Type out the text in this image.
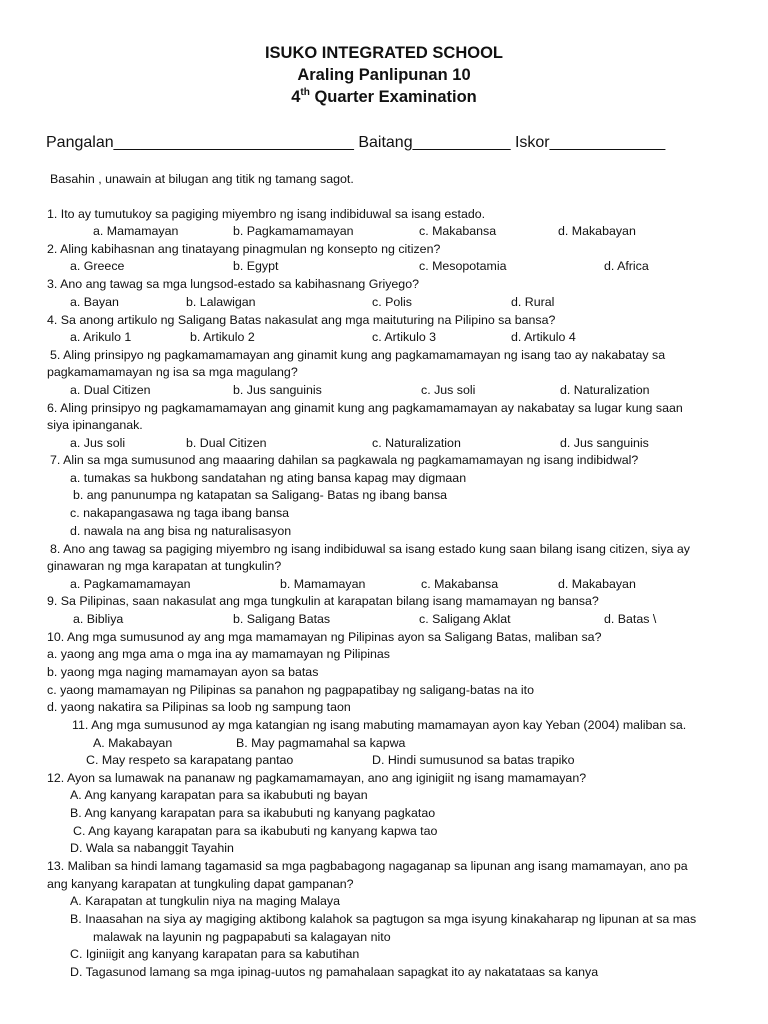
ISUKO INTEGRATED SCHOOL
Araling Panlipunan 10
4th Quarter Examination
Pangalan___________________________ Baitang___________ Iskor_____________
Basahin , unawain at bilugan ang titik ng tamang sagot.
1. Ito ay tumutukoy sa pagiging miyembro ng isang indibiduwal sa isang estado.
a. Mamamayan	b. Pagkamamamayan	c. Makabansa	d. Makabayan
2. Aling kabihasnan ang tinatayang pinagmulan ng konsepto ng citizen?
a. Greece	b. Egypt	c. Mesopotamia	d. Africa
3. Ano ang tawag sa mga lungsod-estado sa kabihasnang Griyego?
a. Bayan	b. Lalawigan	c. Polis	d. Rural
4. Sa anong artikulo ng Saligang Batas nakasulat ang mga maituturing na Pilipino sa bansa?
a. Arikulo 1	b. Artikulo 2	c. Artikulo 3	d. Artikulo 4
5. Aling prinsipyo ng pagkamamamayan ang ginamit kung ang pagkamamamayan ng isang tao ay nakabatay sa
pagkamamamayan ng isa sa mga magulang?
a. Dual Citizen	b. Jus sanguinis	c. Jus soli	d. Naturalization
6. Aling prinsipyo ng pagkamamamayan ang ginamit kung ang pagkamamamayan ay nakabatay sa lugar kung saan
siya ipinanganak.
a. Jus soli	b. Dual Citizen	c. Naturalization	d. Jus sanguinis
7. Alin sa mga sumusunod ang maaaring dahilan sa pagkawala ng pagkamamamayan ng isang indibidwal?
a. tumakas sa hukbong sandatahan ng ating bansa kapag may digmaan
b. ang panunumpa ng katapatan sa Saligang- Batas ng ibang bansa
c. nakapangasawa ng taga ibang bansa
d. nawala na ang bisa ng naturalisasyon
8. Ano ang tawag sa pagiging miyembro ng isang indibiduwal sa isang estado kung saan bilang isang citizen, siya ay
ginawaran ng mga karapatan at tungkulin?
a. Pagkamamamayan	b. Mamamayan	c. Makabansa	d. Makabayan
9. Sa Pilipinas, saan nakasulat ang mga tungkulin at karapatan bilang isang mamamayan ng bansa?
a. Bibliya	b. Saligang Batas	c. Saligang Aklat	d. Batas \
10. Ang mga sumusunod ay ang mga mamamayan ng Pilipinas ayon sa Saligang Batas, maliban sa?
a. yaong ang mga ama o mga ina ay mamamayan ng Pilipinas
b. yaong mga naging mamamayan ayon sa batas
c. yaong mamamayan ng Pilipinas sa panahon ng pagpapatibay ng saligang-batas na ito
d. yaong nakatira sa Pilipinas sa loob ng sampung taon
11. Ang mga sumusunod ay mga katangian ng isang mabuting mamamayan ayon kay Yeban (2004) maliban sa.
A. Makabayan	B. May pagmamahal sa kapwa
C. May respeto sa karapatang pantao	D. Hindi sumusunod sa batas trapiko
12. Ayon sa lumawak na pananaw ng pagkamamamayan, ano ang iginigiit ng isang mamamayan?
A. Ang kanyang karapatan para sa ikabubuti ng bayan
B. Ang kanyang karapatan para sa ikabubuti ng kanyang pagkatao
C. Ang kayang karapatan para sa ikabubuti ng kanyang kapwa tao
D. Wala sa nabanggit Tayahin
13. Maliban sa hindi lamang tagamasid sa mga pagbabagong nagaganap sa lipunan ang isang mamamayan, ano pa
ang kanyang karapatan at tungkuling dapat gampanan?
A. Karapatan at tungkulin niya na maging Malaya
B. Inaasahan na siya ay magiging aktibong kalahok sa pagtugon sa mga isyung kinakaharap ng lipunan at sa mas
malawak na layunin ng pagpapabuti sa kalagayan nito
C. Iginiigit ang kanyang karapatan para sa kabutihan
D. Tagasunod lamang sa mga ipinag-uutos ng pamahalaan sapagkat ito ay nakatataas sa kanya
